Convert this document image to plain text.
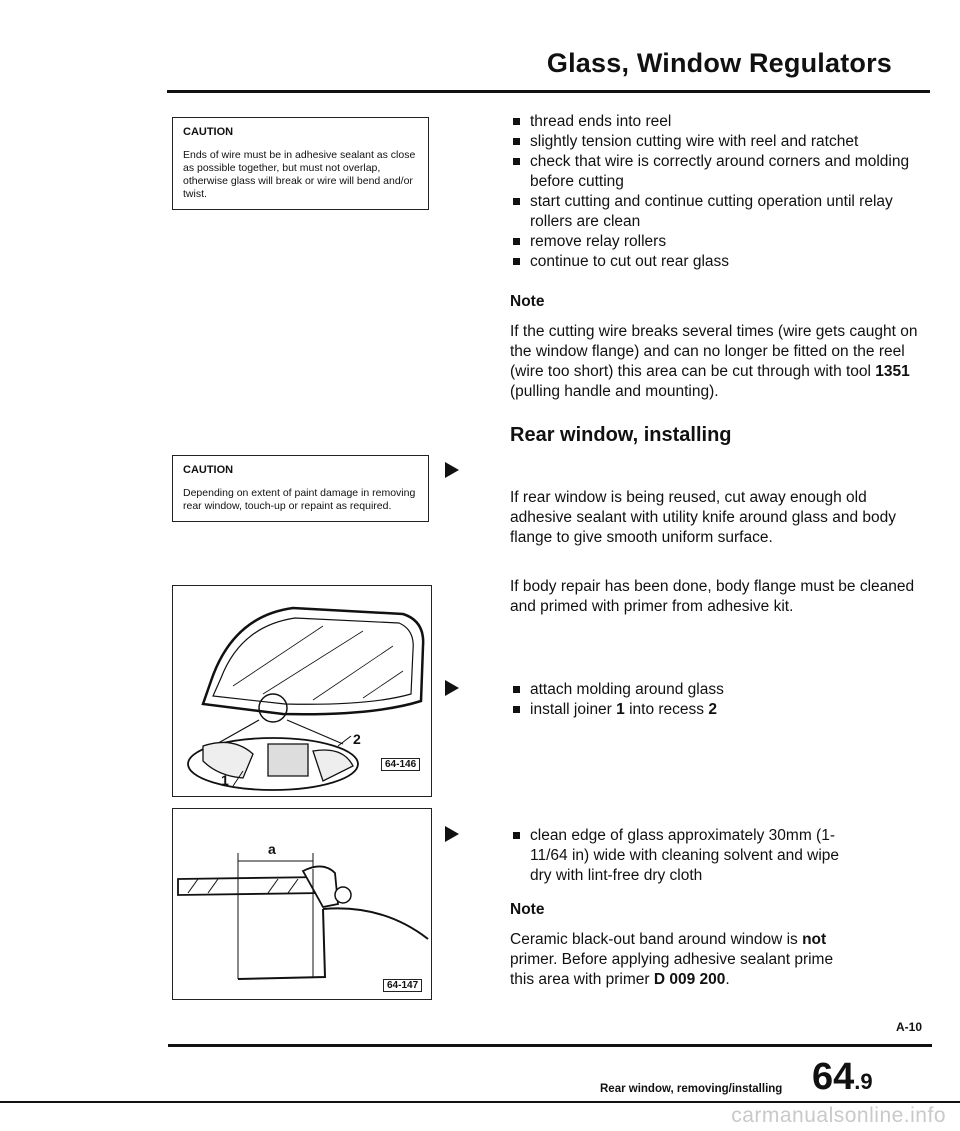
Glass, Window Regulators
CAUTION
Ends of wire must be in adhesive sealant as close as possible together, but must not overlap, otherwise glass will break or wire will bend and/or twist.
CAUTION
Depending on extent of paint damage in removing rear window, touch-up or repaint as required.
1
2
64-146
a
64-147
thread ends into reel
slightly tension cutting wire with reel and ratchet
check that wire is correctly around corners and molding before cutting
start cutting and continue cutting operation until relay rollers are clean
remove relay rollers
continue to cut out rear glass
Note

If the cutting wire breaks several times (wire gets caught on the window flange) and can no longer be fitted on the reel (wire too short) this area can be cut through with tool 1351 (pulling handle and mounting).

Rear window, installing
If rear window is being reused, cut away enough old adhesive sealant with utility knife around glass and body flange to give smooth uniform surface.
If body repair has been done, body flange must be cleaned and primed with primer from adhesive kit.
attach molding around glass
install joiner 1 into recess 2
clean edge of glass approximately 30mm (1-11/64 in) wide with cleaning solvent and wipe dry with lint-free dry cloth
Note
Ceramic black-out band around window is not primer. Before applying adhesive sealant prime this area with primer D 009 200.
A-10
Rear window, removing/installing 64.9
carmanualsonline.info
